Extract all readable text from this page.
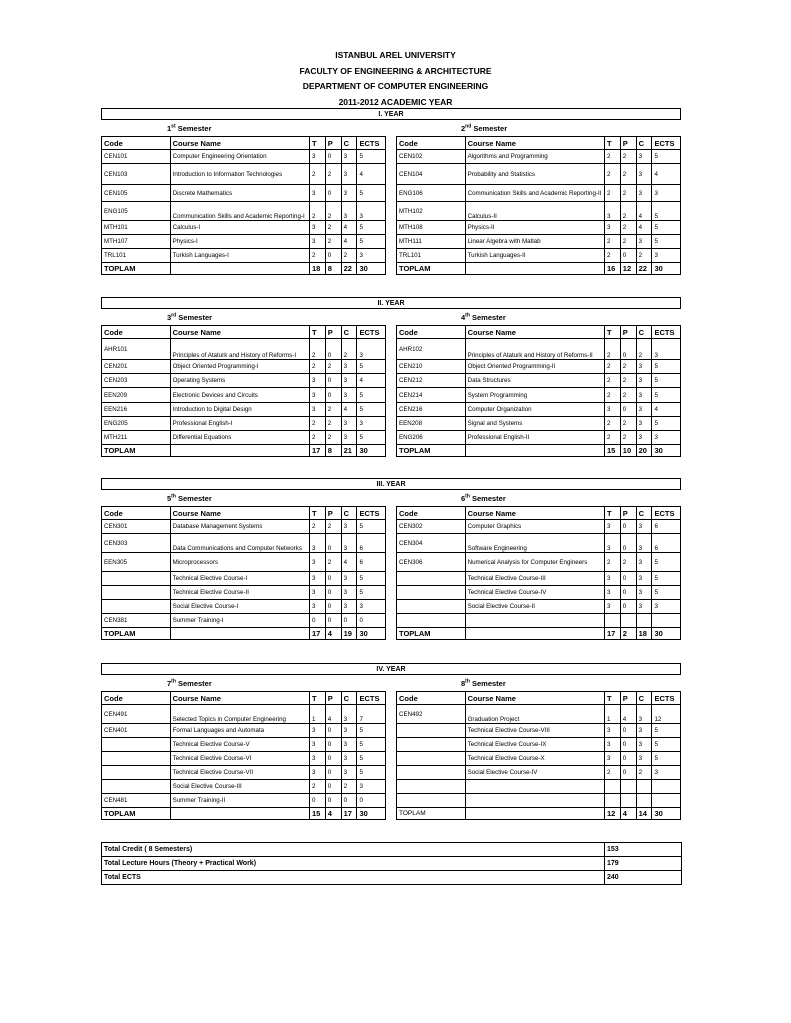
ISTANBUL AREL UNIVERSITY
FACULTY OF ENGINEERING & ARCHITECTURE
DEPARTMENT OF COMPUTER ENGINEERING
2011-2012 ACADEMIC YEAR
I. YEAR
1st Semester
Code	Course Name	T	P	C	ECTS
CEN101	Computer Engineering Orientation	3	0	3	5
CEN103	Introduction to Information Technologies	2	2	3	4
CEN105	Discrete Mathematics	3	0	3	5
ENG105	Communication Skills and Academic Reporting-I	2	2	3	3
MTH101	Calculus-I	3	2	4	5
MTH107	Physics-I	3	2	4	5
TRL101	Turkish Languages-I	2	0	2	3
TOPLAM		18	8	22	30
2nd Semester
Code	Course Name	T	P	C	ECTS
CEN102	Algorithms and Programming	2	2	3	5
CEN104	Probability and Statistics	2	2	3	4
ENG106	Communication Skills and Academic Reporting-II	2	2	3	3
MTH102	Calculus-II	3	2	4	5
MTH108	Physics-II	3	2	4	5
MTH111	Linear Algebra with Matlab	2	2	3	5
TRL101	Turkish Languages-II	2	0	2	3
TOPLAM		16	12	22	30
II. YEAR
3rd Semester
Code	Course Name	T	P	C	ECTS
AHR101	Principles of Ataturk and History of Reforms-I	2	0	2	3
CEN201	Object Oriented Programming-I	2	2	3	5
CEN203	Operating Systems	3	0	3	4
EEN209	Electronic Devices and Circuits	3	0	3	5
EEN216	Introduction to Digital Design	3	2	4	5
ENG205	Professional English-I	2	2	3	3
MTH211	Differential Equations	2	2	3	5
TOPLAM		17	8	21	30
4th Semester
Code	Course Name	T	P	C	ECTS
AHR102	Principles of Ataturk and History of Reforms-II	2	0	2	3
CEN210	Object Oriented Programming-II	2	2	3	5
CEN212	Data Structures	2	2	3	5
CEN214	System Programming	2	2	3	5
CEN216	Computer Organization	3	0	3	4
EEN208	Signal and Systems	2	2	3	5
ENG206	Professional English-II	2	2	3	3
TOPLAM		15	10	20	30
III. YEAR
5th Semester
Code	Course Name	T	P	C	ECTS
CEN301	Database Management Systems	2	2	3	5
CEN303	Data Communications and Computer Networks	3	0	3	6
EEN305	Microprocessors	3	2	4	6
	Technical Elective Course-I	3	0	3	5
	Technical Elective Course-II	3	0	3	5
	Social Elective Course-I	3	0	3	3
CEN381	Summer Training-I	0	0	0	0
TOPLAM		17	4	19	30
6th Semester
Code	Course Name	T	P	C	ECTS
CEN302	Computer Graphics	3	0	3	6
CEN304	Software Engineering	3	0	3	6
CEN306	Numerical Analysis for Computer Engineers	2	2	3	5
	Technical Elective Course-III	3	0	3	5
	Technical Elective Course-IV	3	0	3	5
	Social Elective Course-II	3	0	3	3

TOPLAM		17	2	18	30
IV. YEAR
7th Semester
Code	Course Name	T	P	C	ECTS
CEN491	Selected Topics in Computer Engineering	1	4	3	7
CEN401	Formal Languages and Automata	3	0	3	5
	Technical Elective Course-V	3	0	3	5
	Technical Elective Course-VI	3	0	3	5
	Technical Elective Course-VII	3	0	3	5
	Social Elective Course-III	2	0	2	3
CEN481	Summer Training-II	0	0	0	0
TOPLAM		15	4	17	30
8th Semester
Code	Course Name	T	P	C	ECTS
CEN492	Graduation Project	1	4	3	12
	Technical Elective Course-VIII	3	0	3	5
	Technical Elective Course-IX	3	0	3	5
	Technical Elective Course-X	3	0	3	5
	Social Elective Course-IV	2	0	2	3

TOPLAM		12	4	14	30
Total Credit ( 8 Semesters)	153
Total Lecture Hours (Theory + Practical Work)	179
Total ECTS	240
